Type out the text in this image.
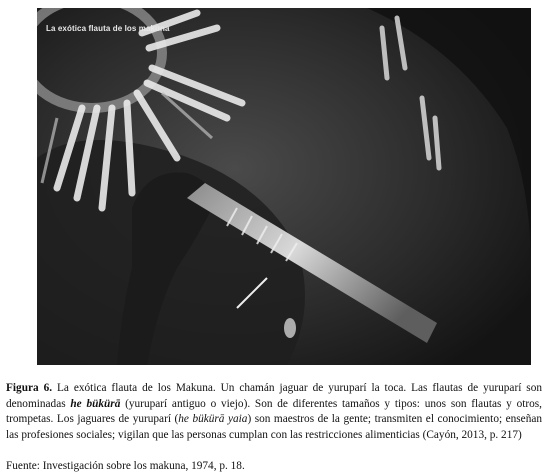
La exótica flauta de los makuna

Figura 6. La exótica flauta de los Makuna. Un chamán jaguar de yuruparí la toca. Las flautas de yuruparí son denominadas he bükürā (yuruparí antiguo o viejo). Son de diferentes tamaños y tipos: unos son flautas y otros, trompetas. Los jaguares de yuruparí (he bükürā yaia) son maestros de la gente; transmiten el conocimiento; enseñan las profesiones sociales; vigilan que las personas cumplan con las restricciones alimenticias (Cayón, 2013, p. 217)

Fuente: Investigación sobre los makuna, 1974, p. 18.
